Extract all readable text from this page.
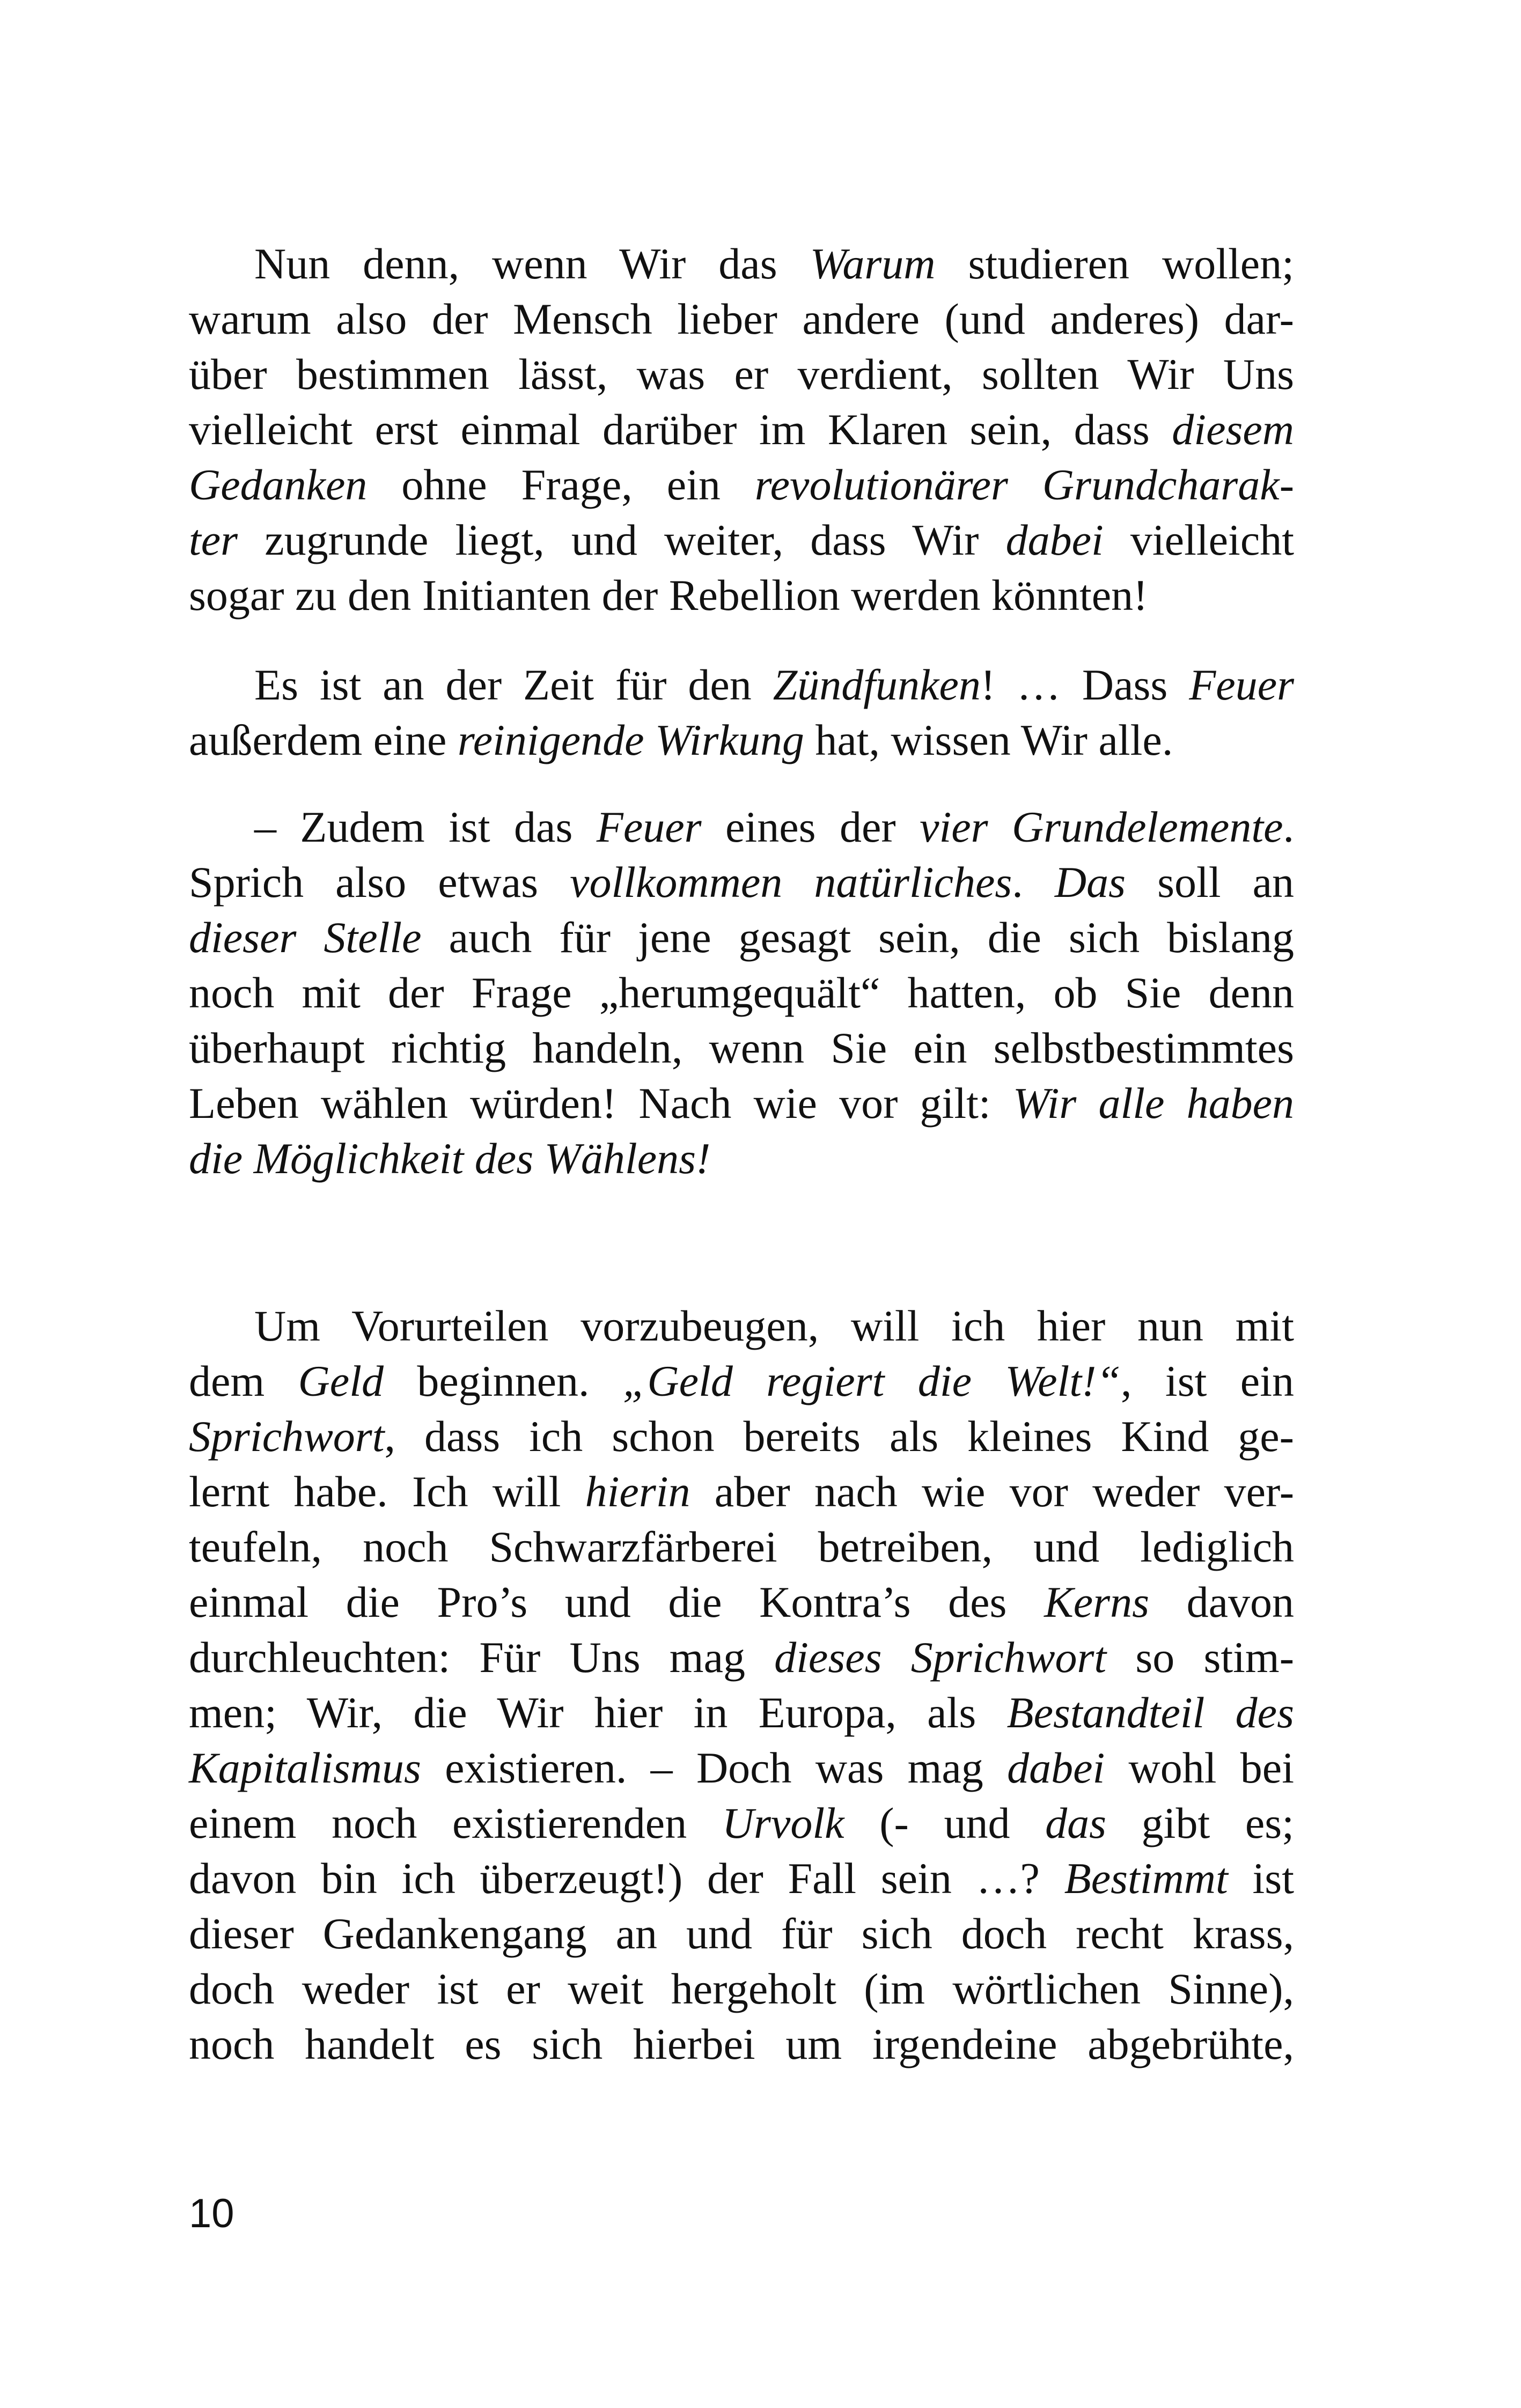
Nun denn, wenn Wir das Warum studieren wollen;
warum also der Mensch lieber andere (und anderes) dar-
über bestimmen lässt, was er verdient, sollten Wir Uns
vielleicht erst einmal darüber im Klaren sein, dass diesem
Gedanken ohne Frage, ein revolutionärer Grundcharak-
ter zugrunde liegt, und weiter, dass Wir dabei vielleicht
sogar zu den Initianten der Rebellion werden könnten!
Es ist an der Zeit für den Zündfunken! … Dass Feuer
außerdem eine reinigende Wirkung hat, wissen Wir alle.
– Zudem ist das Feuer eines der vier Grundelemente.
Sprich also etwas vollkommen natürliches. Das soll an
dieser Stelle auch für jene gesagt sein, die sich bislang
noch mit der Frage „herumgequält“ hatten, ob Sie denn
überhaupt richtig handeln, wenn Sie ein selbstbestimmtes
Leben wählen würden! Nach wie vor gilt: Wir alle haben
die Möglichkeit des Wählens!
Um Vorurteilen vorzubeugen, will ich hier nun mit
dem Geld beginnen. „Geld regiert die Welt!“, ist ein
Sprichwort, dass ich schon bereits als kleines Kind ge-
lernt habe. Ich will hierin aber nach wie vor weder ver-
teufeln, noch Schwarzfärberei betreiben, und lediglich
einmal die Pro’s und die Kontra’s des Kerns davon
durchleuchten: Für Uns mag dieses Sprichwort so stim-
men; Wir, die Wir hier in Europa, als Bestandteil des
Kapitalismus existieren. – Doch was mag dabei wohl bei
einem noch existierenden Urvolk (- und das gibt es;
davon bin ich überzeugt!) der Fall sein …? Bestimmt ist
dieser Gedankengang an und für sich doch recht krass,
doch weder ist er weit hergeholt (im wörtlichen Sinne),
noch handelt es sich hierbei um irgendeine abgebrühte,
10
